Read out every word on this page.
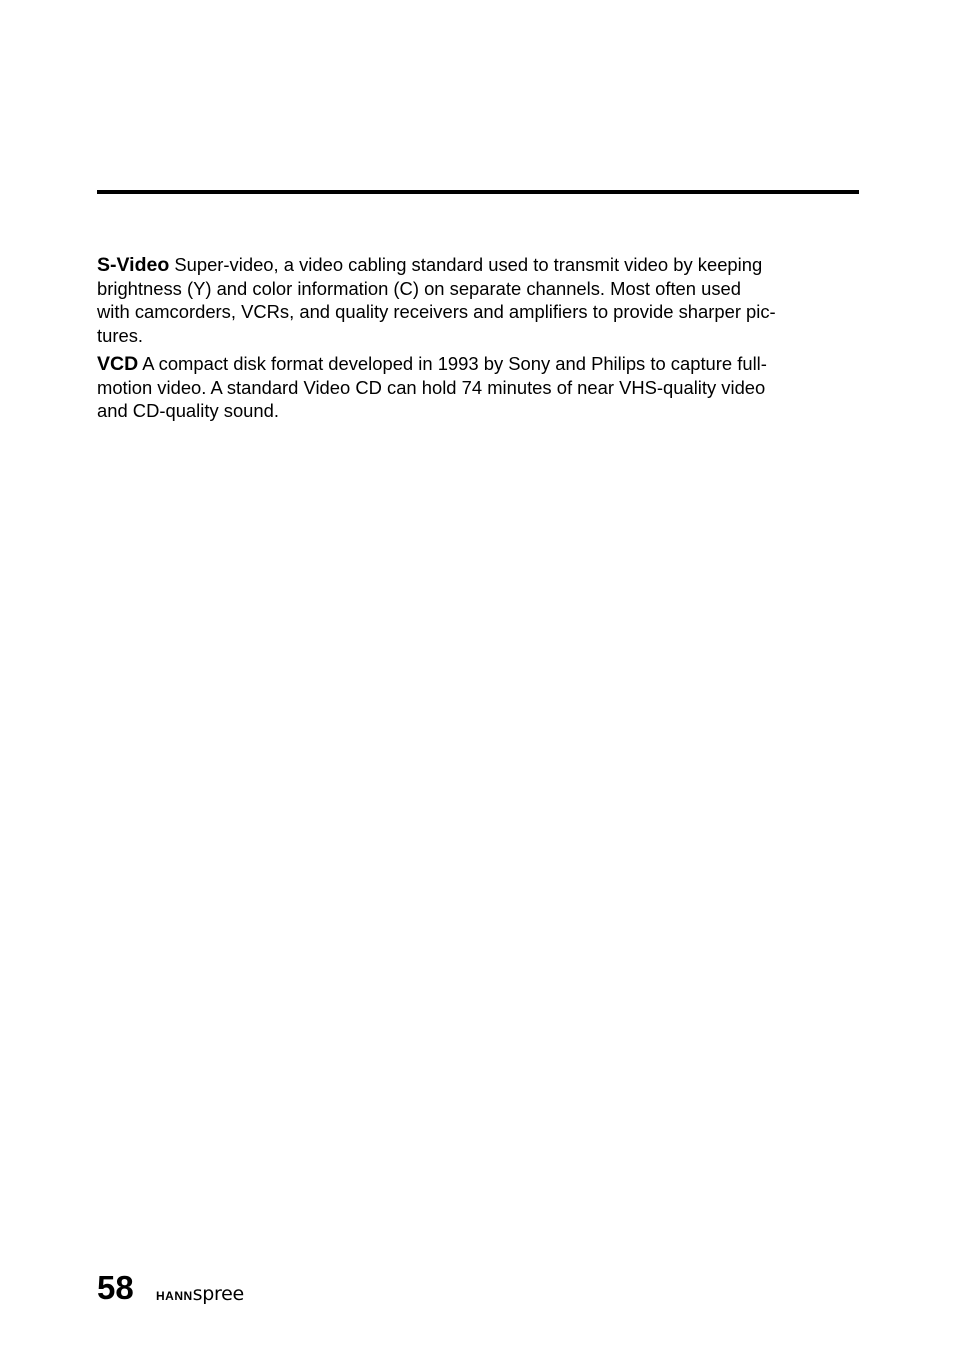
S-Video Super-video, a video cabling standard used to transmit video by keeping
brightness (Y) and color information (C) on separate channels. Most often used
with camcorders, VCRs, and quality receivers and amplifiers to provide sharper pic-
tures.

VCD A compact disk format developed in 1993 by Sony and Philips to capture full-
motion video. A standard Video CD can hold 74 minutes of near VHS-quality video
and CD-quality sound.

58 HANNspree
